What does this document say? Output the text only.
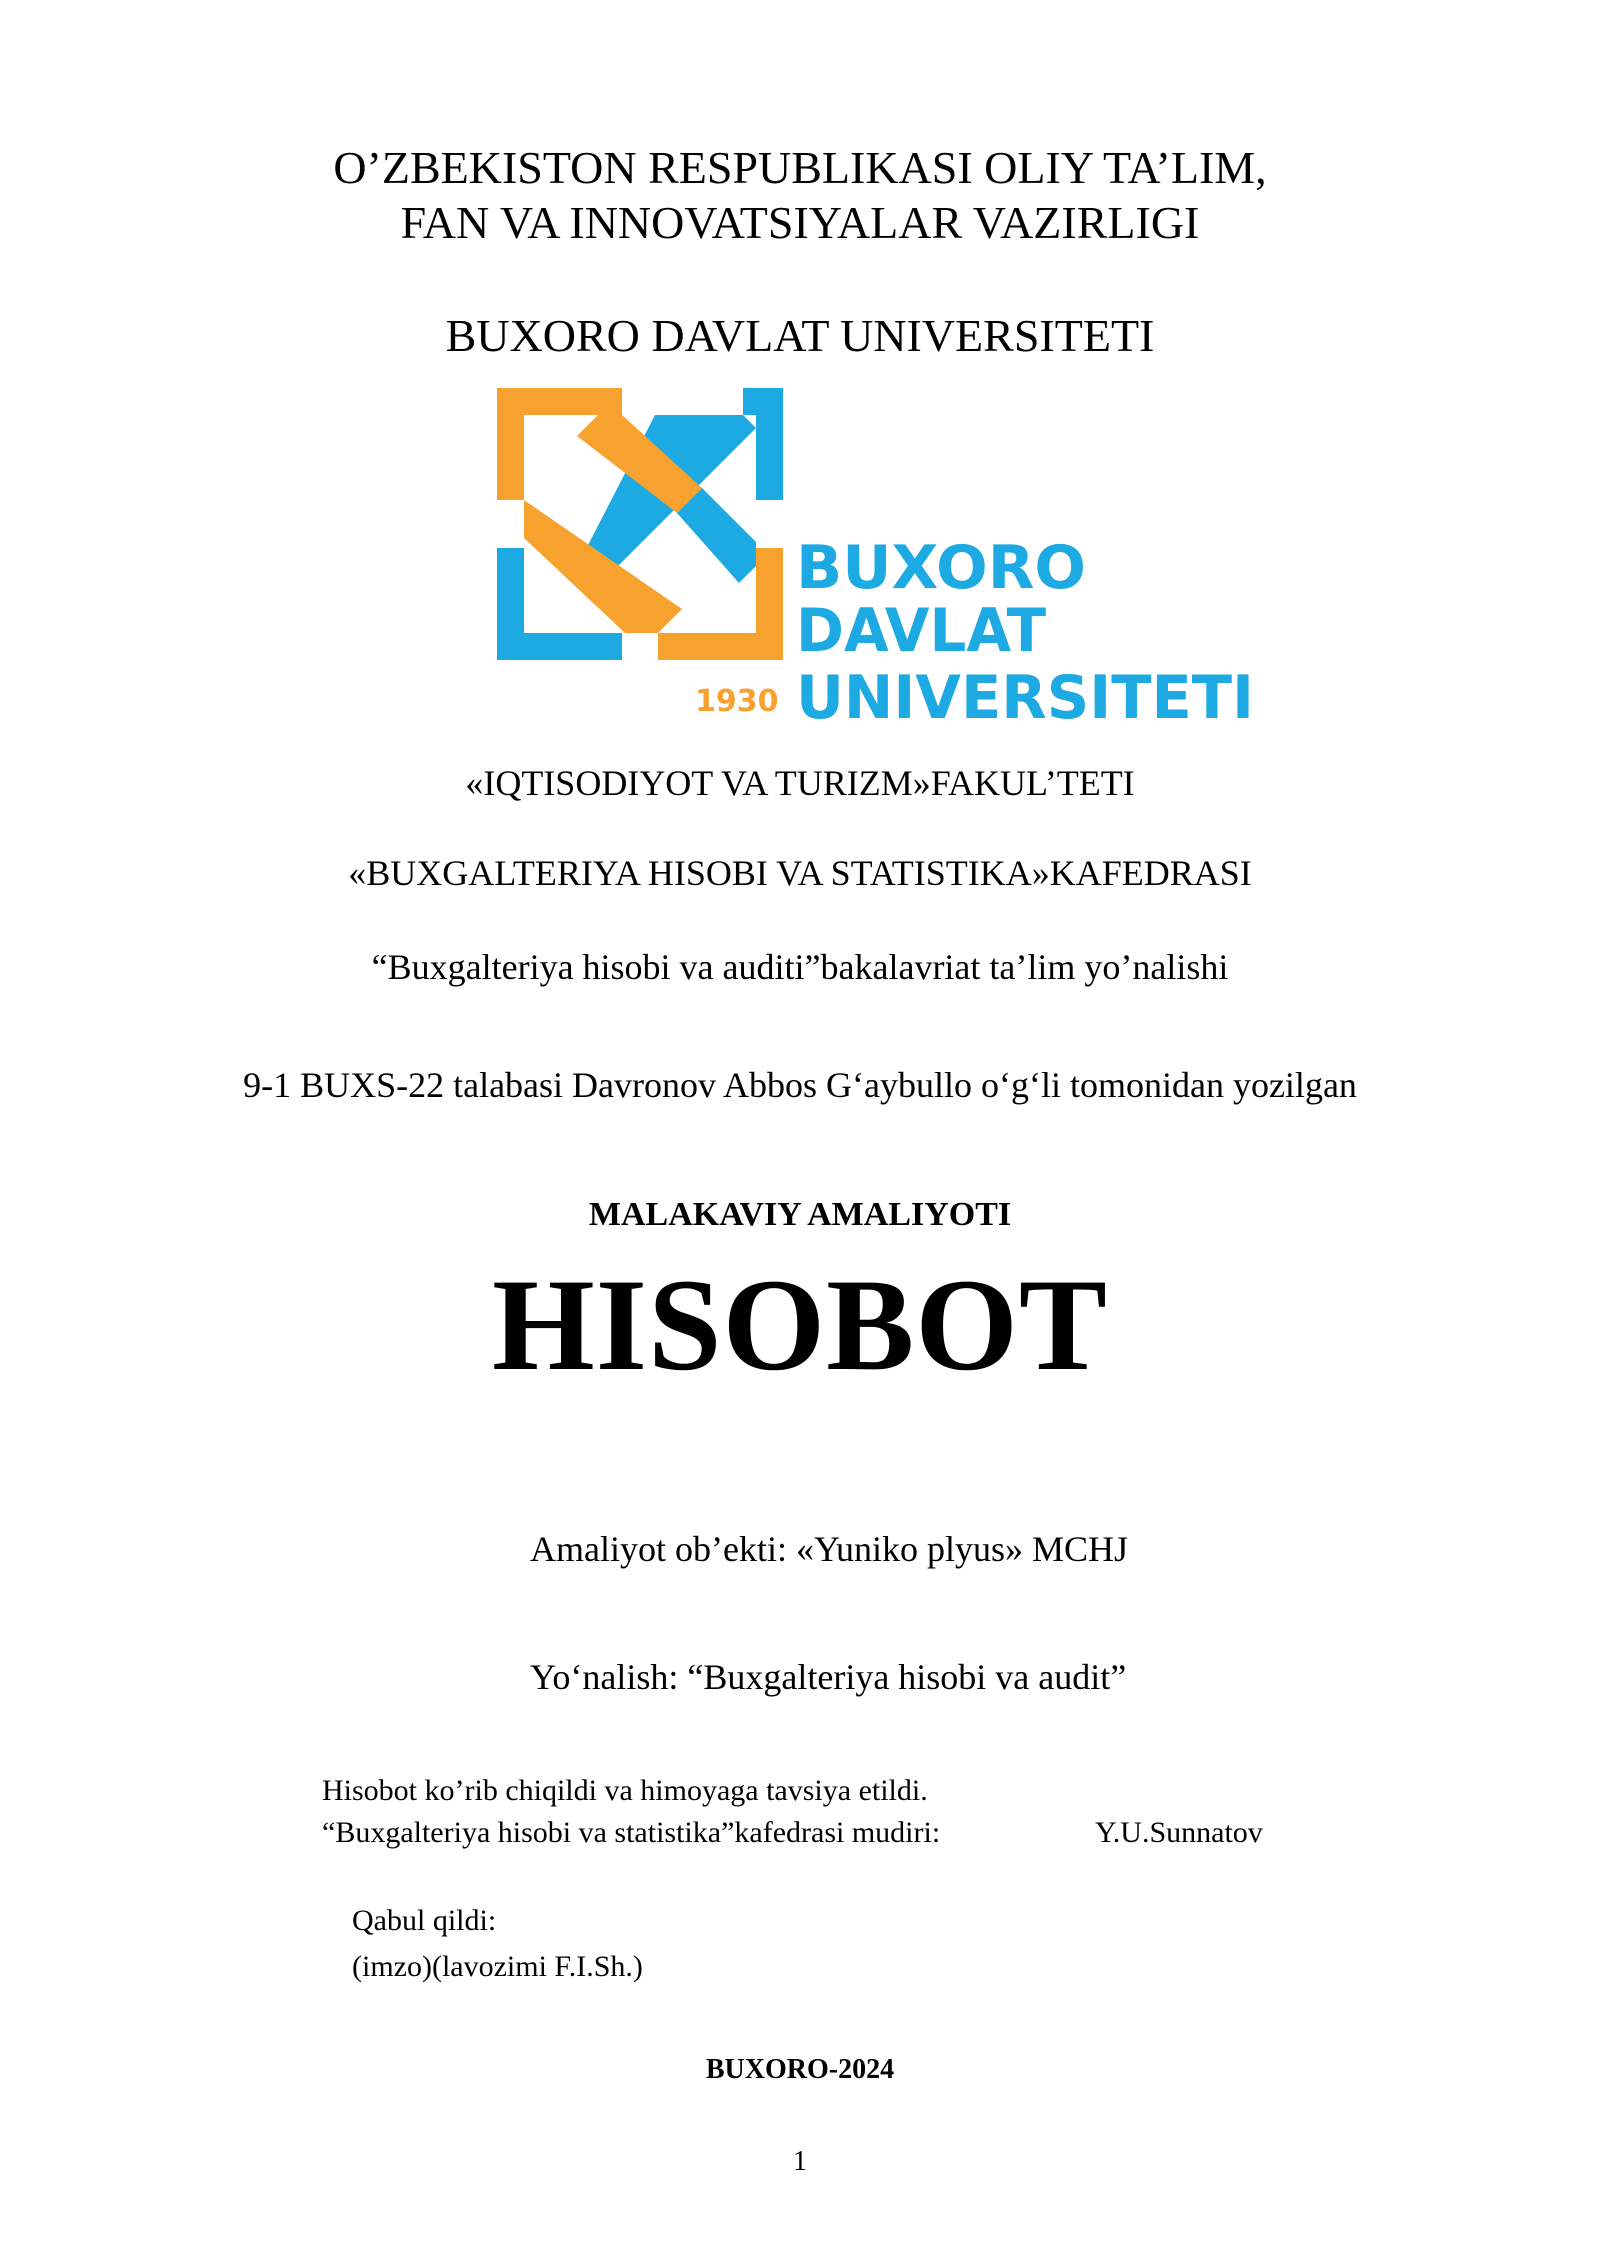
O’ZBEKISTON RESPUBLIKASI OLIY TA’LIM,
FAN VA INNOVATSIYALAR VAZIRLIGI
BUXORO DAVLAT UNIVERSITETI
BUXORO
DAVLAT
1930 UNIVERSITETI
«IQTISODIYOT VA TURIZM»FAKUL’TETI
«BUXGALTERIYA HISOBI VA STATISTIKA»KAFEDRASI
“Buxgalteriya hisobi va auditi”bakalavriat ta’lim yo’nalishi
9-1 BUXS-22 talabasi Davronov Abbos G‘aybullo o‘g‘li tomonidan yozilgan
MALAKAVIY AMALIYOTI
HISOBOT
Amaliyot ob’ekti: «Yuniko plyus» MCHJ
Yo‘nalish: “Buxgalteriya hisobi va audit”
Hisobot ko’rib chiqildi va himoyaga tavsiya etildi.
“Buxgalteriya hisobi va statistika”kafedrasi mudiri:	Y.U.Sunnatov
Qabul qildi:
(imzo)(lavozimi F.I.Sh.)
BUXORO-2024
1
